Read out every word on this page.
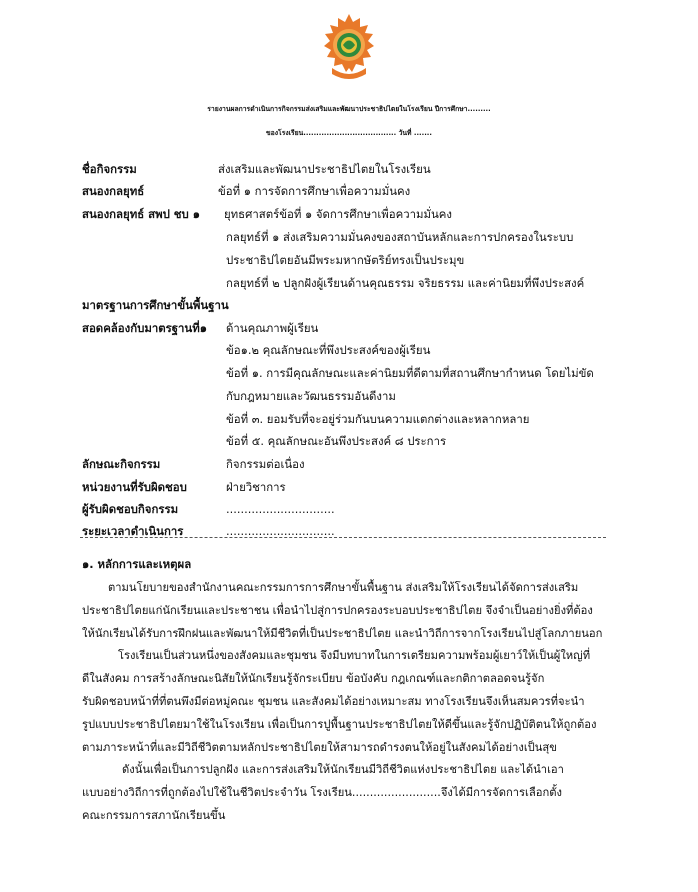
รายงานผลการดำเนินการกิจกรรมส่งเสริมและพัฒนาประชาธิปไตยในโรงเรียน ปีการศึกษา.........
ของโรงเรียน.................................... วันที่ .......
ชื่อกิจกรรม	ส่งเสริมและพัฒนาประชาธิปไตยในโรงเรียน
สนองกลยุทธ์	ข้อที่ ๑ การจัดการศึกษาเพื่อความมั่นคง
สนองกลยุทธ์ สพป ชบ ๑ ยุทธศาสตร์ข้อที่ ๑ จัดการศึกษาเพื่อความมั่นคง
กลยุทธ์ที่ ๑ ส่งเสริมความมั่นคงของสถาบันหลักและการปกครองในระบบ
ประชาธิปไตยอันมีพระมหากษัตริย์ทรงเป็นประมุข
กลยุทธ์ที่ ๒ ปลูกฝังผู้เรียนด้านคุณธรรม จริยธรรม และค่านิยมที่พึงประสงค์
มาตรฐานการศึกษาขั้นพื้นฐาน
สอดคล้องกับมาตรฐานที่๑ ด้านคุณภาพผู้เรียน
ข้อ๑.๒ คุณลักษณะที่พึงประสงค์ของผู้เรียน
ข้อที่ ๑. การมีคุณลักษณะและค่านิยมที่ดีตามที่สถานศึกษากำหนด โดยไม่ขัด
กับกฎหมายและวัฒนธรรมอันดีงาม
ข้อที่ ๓. ยอมรับที่จะอยู่ร่วมกันบนความแตกต่างและหลากหลาย
ข้อที่ ๕. คุณลักษณะอันพึงประสงค์ ๘ ประการ
ลักษณะกิจกรรม	กิจกรรมต่อเนื่อง
หน่วยงานที่รับผิดชอบ	ฝ่ายวิชาการ
ผู้รับผิดชอบกิจกรรม	..............................
ระยะเวลาดำเนินการ	..............................
๑. หลักการและเหตุผล
ตามนโยบายของสำนักงานคณะกรรมการการศึกษาขั้นพื้นฐาน ส่งเสริมให้โรงเรียนได้จัดการส่งเสริม
ประชาธิปไตยแก่นักเรียนและประชาชน เพื่อนำไปสู่การปกครองระบอบประชาธิปไตย จึงจำเป็นอย่างยิ่งที่ต้อง
ให้นักเรียนได้รับการฝึกฝนและพัฒนาให้มีชีวิตที่เป็นประชาธิปไตย และนำวิถีการจากโรงเรียนไปสู่โลกภายนอก
โรงเรียนเป็นส่วนหนึ่งของสังคมและชุมชน จึงมีบทบาทในการเตรียมความพร้อมผู้เยาว์ให้เป็นผู้ใหญ่ที่
ดีในสังคม การสร้างลักษณะนิสัยให้นักเรียนรู้จักระเบียบ ข้อบังคับ กฎเกณฑ์และกติกาตลอดจนรู้จัก
รับผิดชอบหน้าที่ที่ตนพึงมีต่อหมู่คณะ ชุมชน และสังคมได้อย่างเหมาะสม ทางโรงเรียนจึงเห็นสมควรที่จะนำ
รูปแบบประชาธิปไตยมาใช้ในโรงเรียน เพื่อเป็นการปูพื้นฐานประชาธิปไตยให้ดีขึ้นและรู้จักปฏิบัติตนให้ถูกต้อง
ตามภาระหน้าที่และมีวิถีชีวิตตามหลักประชาธิปไตยให้สามารถดำรงตนให้อยู่ในสังคมได้อย่างเป็นสุข
ดังนั้นเพื่อเป็นการปลูกฝัง และการส่งเสริมให้นักเรียนมีวิถีชีวิตแห่งประชาธิปไตย และได้นำเอา
แบบอย่างวิถีการที่ถูกต้องไปใช้ในชีวิตประจำวัน โรงเรียน.........................จึงได้มีการจัดการเลือกตั้ง
คณะกรรมการสภานักเรียนขึ้น
